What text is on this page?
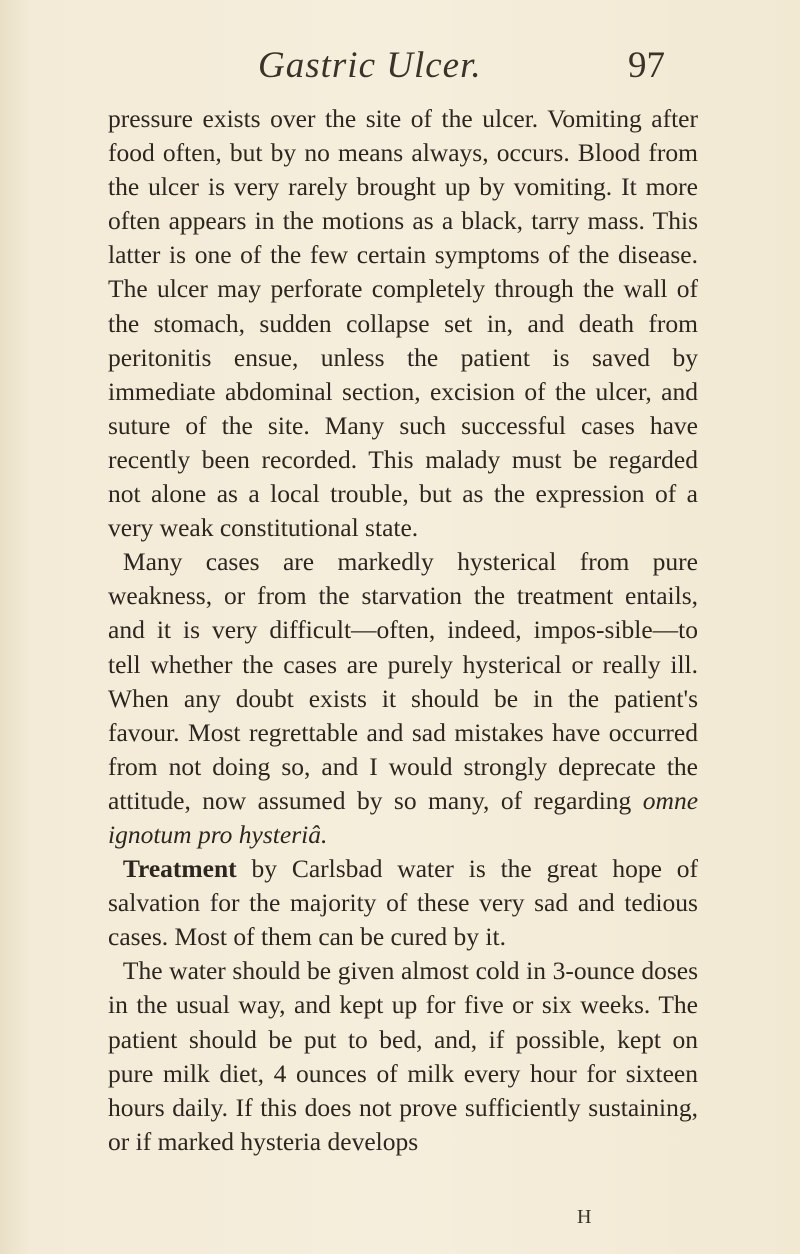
Gastric Ulcer.	97

pressure exists over the site of the ulcer. Vomiting after food often, but by no means always, occurs. Blood from the ulcer is very rarely brought up by vomiting. It more often appears in the motions as a black, tarry mass. This latter is one of the few certain symptoms of the disease. The ulcer may perforate completely through the wall of the stomach, sudden collapse set in, and death from peritonitis ensue, unless the patient is saved by immediate abdominal section, excision of the ulcer, and suture of the site. Many such successful cases have recently been recorded. This malady must be regarded not alone as a local trouble, but as the expression of a very weak constitutional state.

  Many cases are markedly hysterical from pure weakness, or from the starvation the treatment entails, and it is very difficult—often, indeed, impos-sible—to tell whether the cases are purely hysterical or really ill. When any doubt exists it should be in the patient's favour. Most regrettable and sad mistakes have occurred from not doing so, and I would strongly deprecate the attitude, now assumed by so many, of regarding omne ignotum pro hysteriâ.

  Treatment by Carlsbad water is the great hope of salvation for the majority of these very sad and tedious cases. Most of them can be cured by it.

  The water should be given almost cold in 3-ounce doses in the usual way, and kept up for five or six weeks. The patient should be put to bed, and, if possible, kept on pure milk diet, 4 ounces of milk every hour for sixteen hours daily. If this does not prove sufficiently sustaining, or if marked hysteria develops

H
